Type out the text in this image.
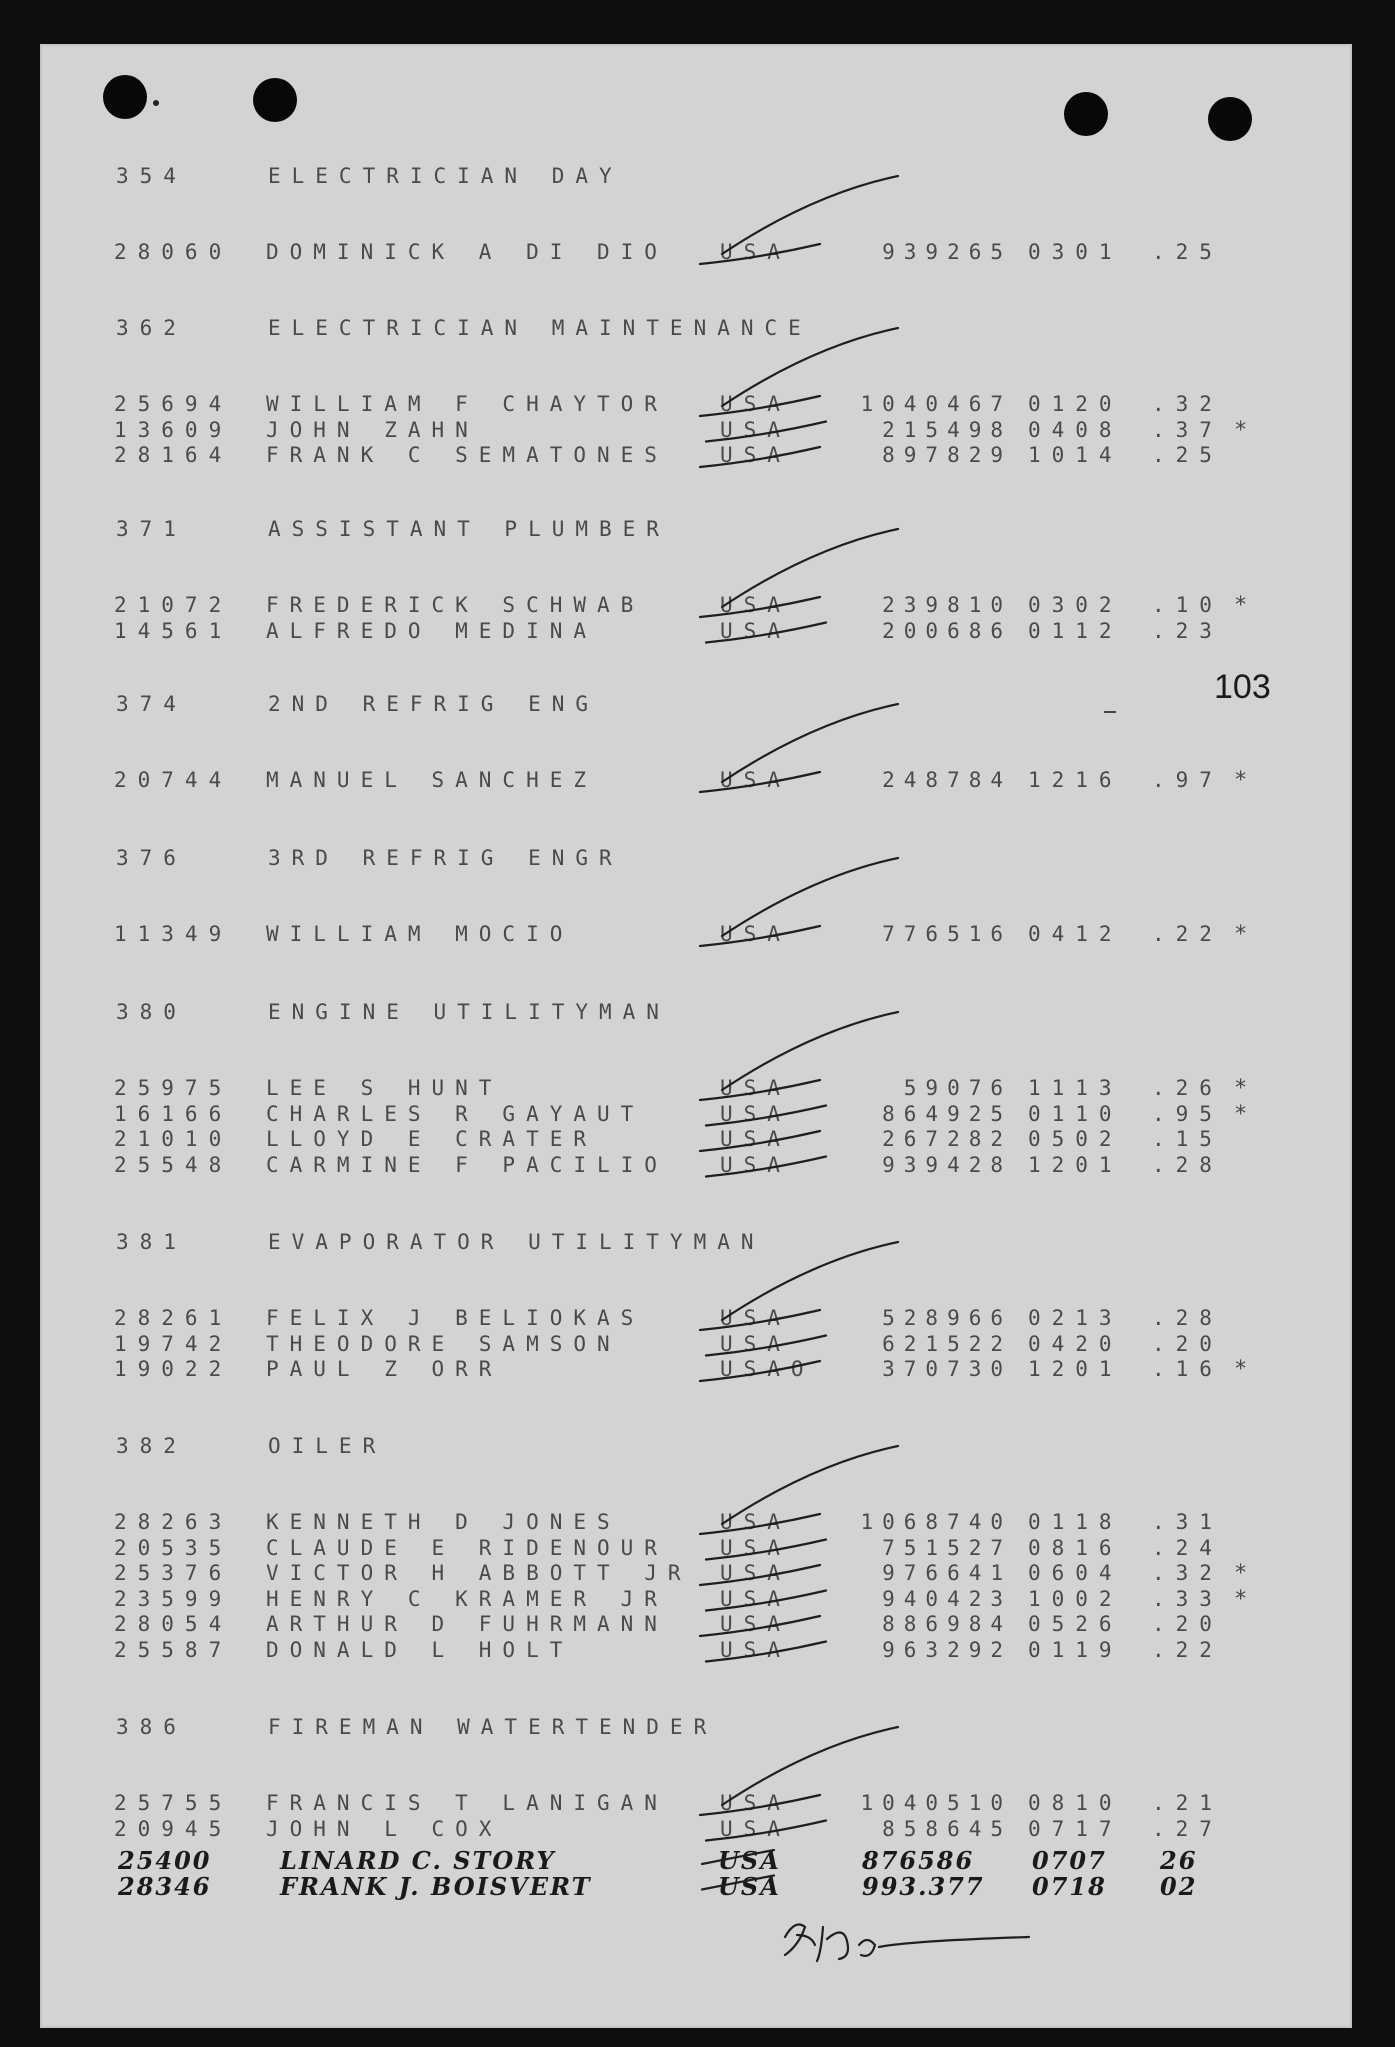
103
354	ELECTRICIAN DAY
28060 DOMINICK A DI DIO USA	939265 0301 .25
362	ELECTRICIAN MAINTENANCE
25694 WILLIAM F CHAYTOR USA	1040467 0120 .32
13609 JOHN ZAHN	USA	215498 0408 .37 *
28164 FRANK C SEMATONES USA	897829 1014 .25
371	ASSISTANT PLUMBER
21072 FREDERICK SCHWAB	USA	239810 0302 .10 *
14561 ALFREDO MEDINA	USA	200686 0112 .23
374	2ND REFRIG ENG
20744 MANUEL SANCHEZ	USA	248784 1216 .97 *
376	3RD REFRIG ENGR
11349 WILLIAM MOCIO	USA	776516 0412 .22 *
380	ENGINE UTILITYMAN
25975 LEE S HUNT	USA	59076 1113 .26 *
16166 CHARLES R GAYAUT	USA	864925 0110 .95 *
21010 LLOYD E CRATER	USA	267282 0502 .15
25548 CARMINE F PACILIO USA	939428 1201 .28
381	EVAPORATOR UTILITYMAN
28261 FELIX J BELIOKAS	USA	528966 0213 .28
19742 THEODORE SAMSON	USA	621522 0420 .20
19022 PAUL Z ORR	USAO	370730 1201 .16 *
382	OILER
28263 KENNETH D JONES	USA	1068740 0118 .31
20535 CLAUDE E RIDENOUR USA	751527 0816 .24
25376 VICTOR H ABBOTT JR USA	976641 0604 .32 *
23599 HENRY C KRAMER JR USA	940423 1002 .33 *
28054 ARTHUR D FUHRMANN USA	886984 0526 .20
25587 DONALD L HOLT	USA	963292 0119 .22
386	FIREMAN WATERTENDER
25755 FRANCIS T LANIGAN USA	1040510 0810 .21
20945 JOHN L COX	USA	858645 0717 .27
25400	LINARD C. STORY	USA	876586 0707 26
28346	FRANK J. BOISVERT	USA	993.377 0718 02
